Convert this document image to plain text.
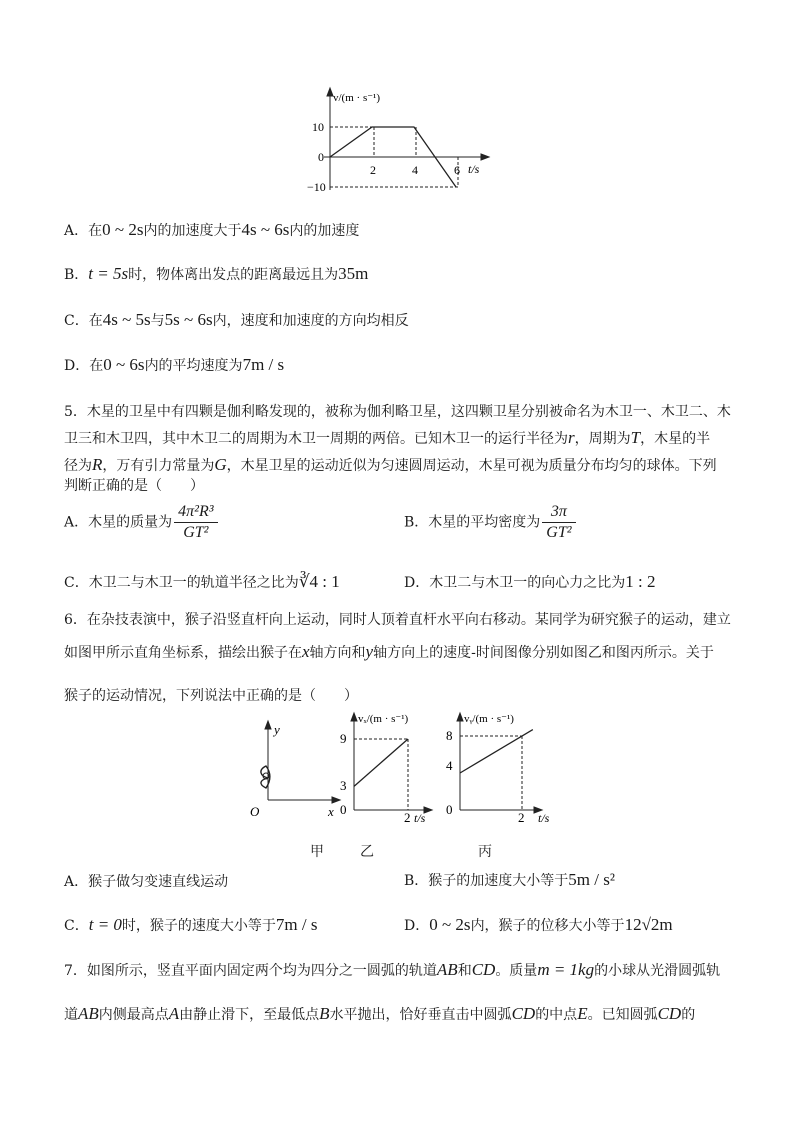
v/(m · s⁻¹)
t/s
10
0
−10
2	4	6
A．在0 ~ 2s内的加速度大于4s ~ 6s内的加速度
B．t = 5s时，物体离出发点的距离最远且为35m
C．在4s ~ 5s与5s ~ 6s内，速度和加速度的方向均相反
D．在0 ~ 6s内的平均速度为7m / s
5．木星的卫星中有四颗是伽利略发现的，被称为伽利略卫星，这四颗卫星分别被命名为木卫一、木卫二、木
卫三和木卫四，其中木卫二的周期为木卫一周期的两倍。已知木卫一的运行半径为r，周期为T，木星的半
径为R，万有引力常量为G，木星卫星的运动近似为匀速圆周运动，木星可视为质量分布均匀的球体。下列
判断正确的是（　　）
A．木星的质量为 $\frac{\text{4π²R³}}{\text{GT²}}$	B．木星的平均密度为 $\frac{3\pi}{\text{GT²}}$
C．木卫二与木卫一的轨道半径之比为∛4 : 1	D．木卫二与木卫一的向心力之比为1 : 2
6．在杂技表演中，猴子沿竖直杆向上运动，同时人顶着直杆水平向右移动。某同学为研究猴子的运动，建立
如图甲所示直角坐标系，描绘出猴子在x轴方向和y轴方向上的速度-时间图像分别如图乙和图丙所示。关于
猴子的运动情况，下列说法中正确的是（　　）
O
y
x
vₓ/(m · s⁻¹)
t/s
9
3
0
2
vᵧ/(m · s⁻¹)
t/s
8
4
0
2
甲	乙	丙
A．猴子做匀变速直线运动	B．猴子的加速度大小等于5m / s²
C．t = 0时，猴子的速度大小等于7m / s	D．0 ~ 2s内，猴子的位移大小等于12√2m
7．如图所示，竖直平面内固定两个均为四分之一圆弧的轨道AB和CD。质量m = 1kg的小球从光滑圆弧轨
道AB内侧最高点A由静止滑下，至最低点B水平抛出，恰好垂直击中圆弧CD的中点E。已知圆弧CD的
